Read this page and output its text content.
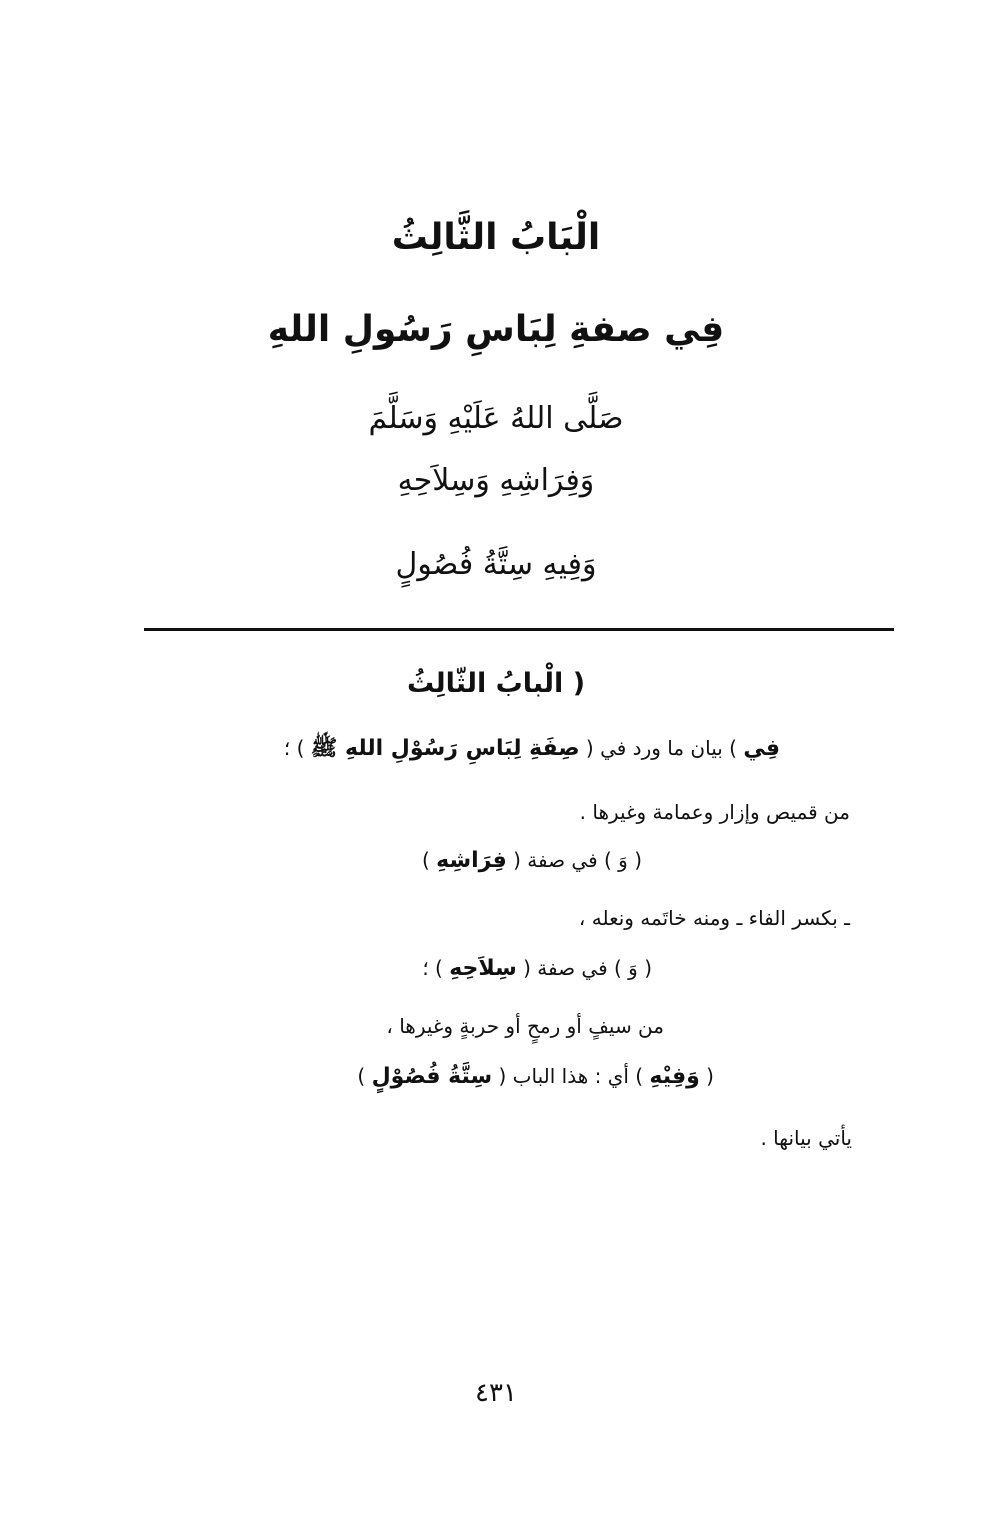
الْبَابُ الثَّالِثُ
فِي صفةِ لِبَاسِ رَسُولِ اللهِ
صَلَّى اللهُ عَلَيْهِ وَسَلَّمَ
وَفِرَاشِهِ وَسِلاَحِهِ
وَفِيهِ سِتَّةُ فُصُولٍ
( الْبابُ الثّالِثُ
فِي ) بيان ما ورد في ( صِفَةِ لِبَاسِ رَسُوْلِ اللهِ ﷺ ) ؛
من قميص وإزار وعمامة وغيرها .
( وَ ) في صفة ( فِرَاشِهِ )
ـ بكسر الفاء ـ ومنه خاتَمه ونعله ،
( وَ ) في صفة ( سِلاَحِهِ ) ؛
من سيفٍ أو رمحٍ أو حربةٍ وغيرها ،
( وَفِيْهِ ) أي : هذا الباب ( سِتَّةُ فُصُوْلٍ )
يأتي بيانها .
٤٣١
